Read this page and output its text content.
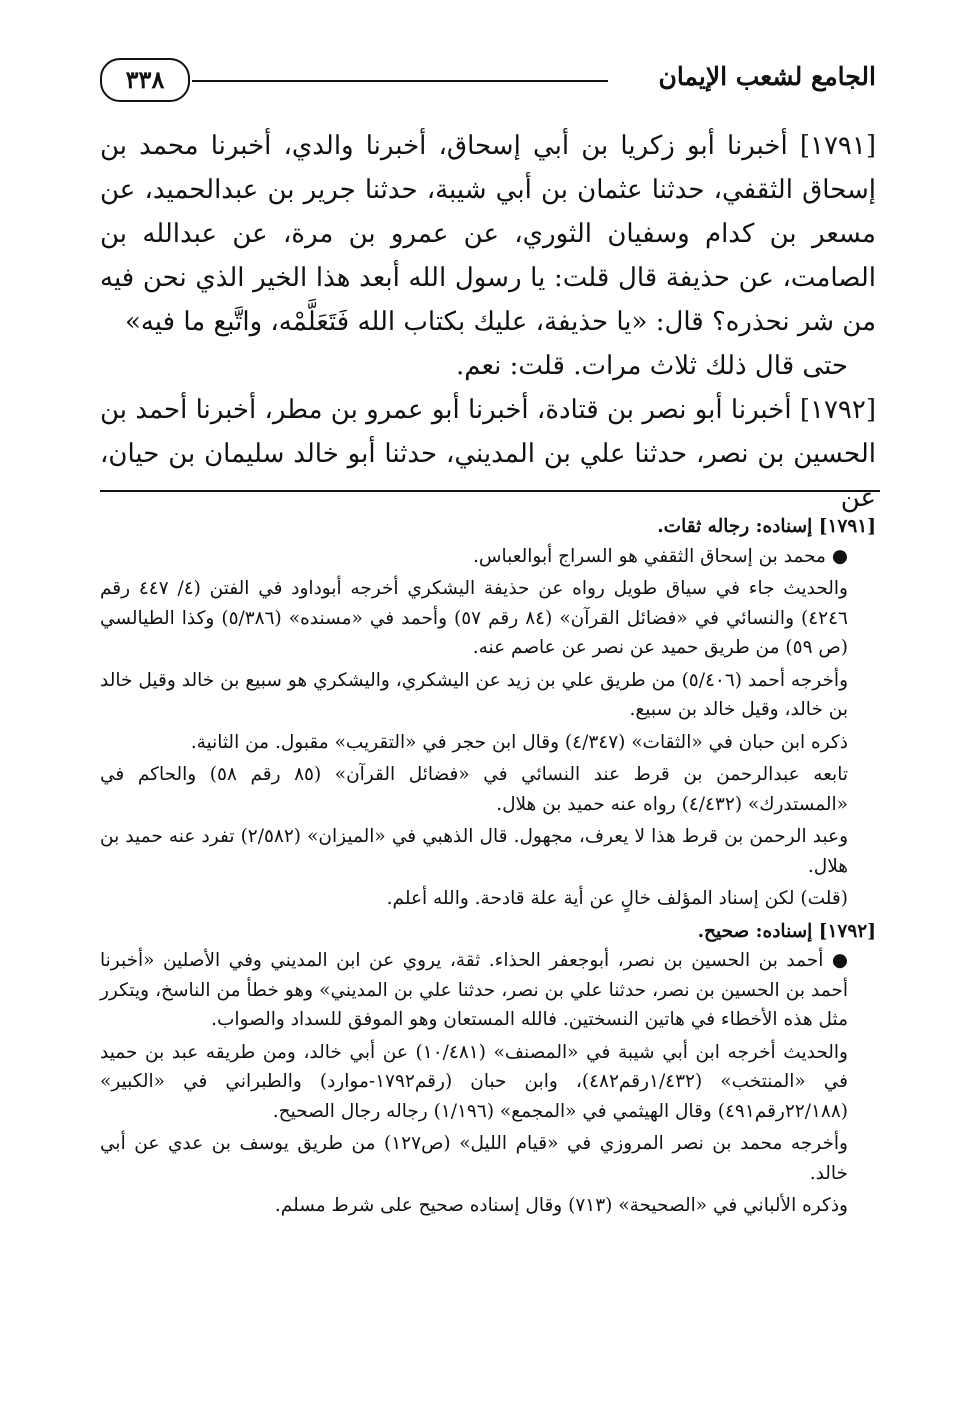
٣٣٨	الجامع لشعب الإيمان

[١٧٩١] أخبرنا أبو زكريا بن أبي إسحاق، أخبرنا والدي، أخبرنا محمد بن إسحاق الثقفي، حدثنا عثمان بن أبي شيبة، حدثنا جرير بن عبدالحميد، عن مسعر بن كدام وسفيان الثوري، عن عمرو بن مرة، عن عبدالله بن الصامت، عن حذيفة قال قلت: يا رسول الله أبعد هذا الخير الذي نحن فيه من شر نحذره؟ قال: «يا حذيفة، عليك بكتاب الله فَتَعَلَّمْه، واتَّبع ما فيه»

حتى قال ذلك ثلاث مرات. قلت: نعم.

[١٧٩٢] أخبرنا أبو نصر بن قتادة، أخبرنا أبو عمرو بن مطر، أخبرنا أحمد بن الحسين بن نصر، حدثنا علي بن المديني، حدثنا أبو خالد سليمان بن حيان، عن

[١٧٩١] إسناده: رجاله ثقات.

● محمد بن إسحاق الثقفي هو السراج أبوالعباس.

والحديث جاء في سياق طويل رواه عن حذيفة اليشكري أخرجه أبوداود في الفتن (٤/ ٤٤٧ رقم ٤٢٤٦) والنسائي في «فضائل القرآن» (٨٤ رقم ٥٧) وأحمد في «مسنده» (٥/٣٨٦) وكذا الطيالسي (ص ٥٩) من طريق حميد عن نصر عن عاصم عنه.

وأخرجه أحمد (٥/٤٠٦) من طريق علي بن زيد عن اليشكري، واليشكري هو سبيع بن خالد وقيل خالد بن خالد، وقيل خالد بن سبيع.

ذكره ابن حبان في «الثقات» (٤/٣٤٧) وقال ابن حجر في «التقريب» مقبول. من الثانية.

تابعه عبدالرحمن بن قرط عند النسائي في «فضائل القرآن» (٨٥ رقم ٥٨) والحاكم في «المستدرك» (٤/٤٣٢) رواه عنه حميد بن هلال.

وعبد الرحمن بن قرط هذا لا يعرف، مجهول. قال الذهبي في «الميزان» (٢/٥٨٢) تفرد عنه حميد بن هلال.

(قلت) لكن إسناد المؤلف خالٍ عن أية علة قادحة. والله أعلم.

[١٧٩٢] إسناده: صحيح.

● أحمد بن الحسين بن نصر، أبوجعفر الحذاء. ثقة، يروي عن ابن المديني وفي الأصلين «أخبرنا أحمد بن الحسين بن نصر، حدثنا علي بن نصر، حدثنا علي بن المديني» وهو خطأ من الناسخ، ويتكرر مثل هذه الأخطاء في هاتين النسختين. فالله المستعان وهو الموفق للسداد والصواب.

والحديث أخرجه ابن أبي شيبة في «المصنف» (١٠/٤٨١) عن أبي خالد، ومن طريقه عبد بن حميد في «المنتخب» (١/٤٣٢رقم٤٨٢)، وابن حبان (رقم١٧٩٢-موارد) والطبراني في «الكبير» (٢٢/١٨٨رقم٤٩١) وقال الهيثمي في «المجمع» (١/١٩٦) رجاله رجال الصحيح.

وأخرجه محمد بن نصر المروزي في «قيام الليل» (ص١٢٧) من طريق يوسف بن عدي عن أبي خالد.

وذكره الألباني في «الصحيحة» (٧١٣) وقال إسناده صحيح على شرط مسلم.
